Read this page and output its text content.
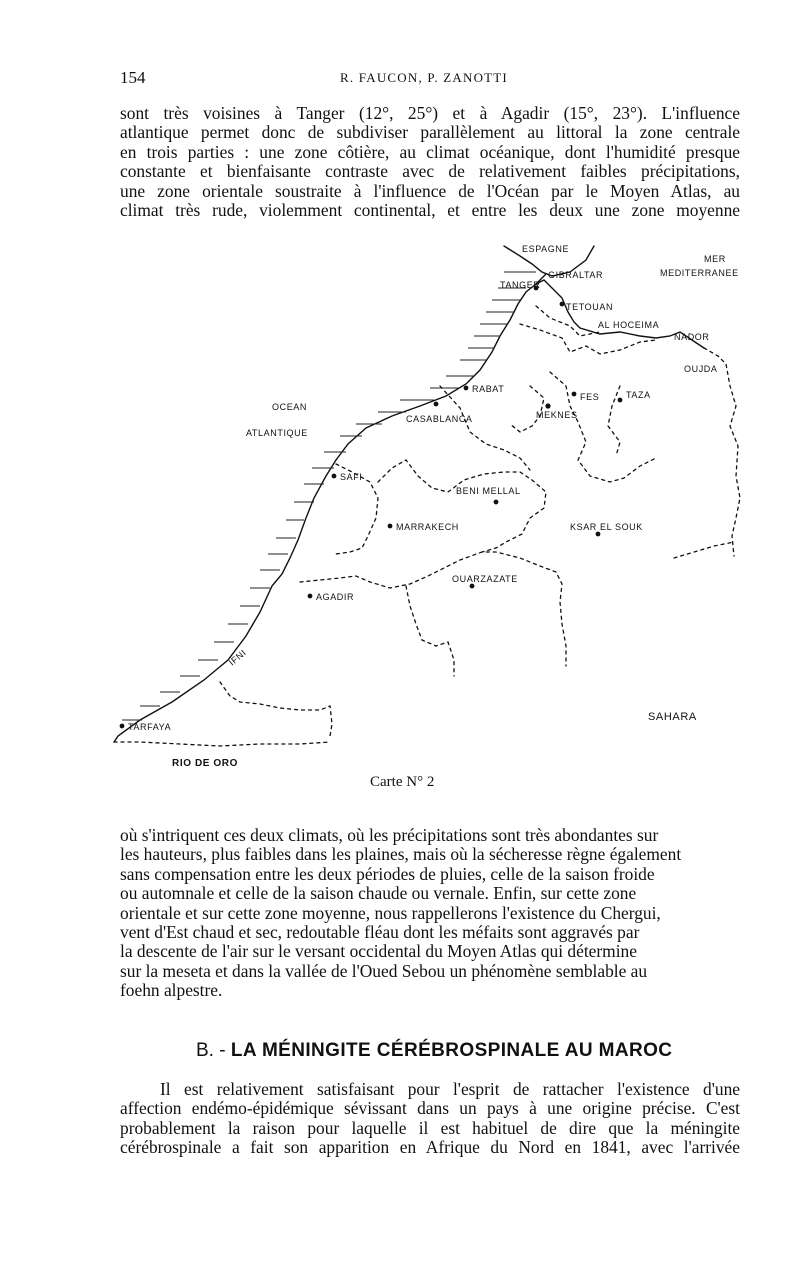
154	R. FAUCON, P. ZANOTTI
sont très voisines à Tanger (12°, 25°) et à Agadir (15°, 23°). L'influence
atlantique permet donc de subdiviser parallèlement au littoral la zone centrale
en trois parties : une zone côtière, au climat océanique, dont l'humidité presque
constante et bienfaisante contraste avec de relativement faibles précipitations,
une zone orientale soustraite à l'influence de l'Océan par le Moyen Atlas, au
climat très rude, violemment continental, et entre les deux une zone moyenne
ESPAGNE
GIBRALTAR
MER
MEDITERRANEE
TANGER
TETOUAN
AL HOCEIMA
NADOR
OUJDA
OCEAN
ATLANTIQUE
RABAT
CASABLANCA
FES
MEKNES
TAZA
SAFI
BENI MELLAL
MARRAKECH	KSAR EL SOUK
OUARZAZATE
AGADIR
IFNI
TARFAYA
SAHARA
RIO DE ORO
Carte N° 2
où s'intriquent ces deux climats, où les précipitations sont très abondantes sur
les hauteurs, plus faibles dans les plaines, mais où la sécheresse règne également
sans compensation entre les deux périodes de pluies, celle de la saison froide
ou automnale et celle de la saison chaude ou vernale. Enfin, sur cette zone
orientale et sur cette zone moyenne, nous rappellerons l'existence du Chergui,
vent d'Est chaud et sec, redoutable fléau dont les méfaits sont aggravés par
la descente de l'air sur le versant occidental du Moyen Atlas qui détermine
sur la meseta et dans la vallée de l'Oued Sebou un phénomène semblable au
foehn alpestre.
B. - LA MÉNINGITE CÉRÉBROSPINALE AU MAROC
Il est relativement satisfaisant pour l'esprit de rattacher l'existence d'une
affection endémo-épidémique sévissant dans un pays à une origine précise. C'est
probablement la raison pour laquelle il est habituel de dire que la méningite
cérébrospinale a fait son apparition en Afrique du Nord en 1841, avec l'arrivée
